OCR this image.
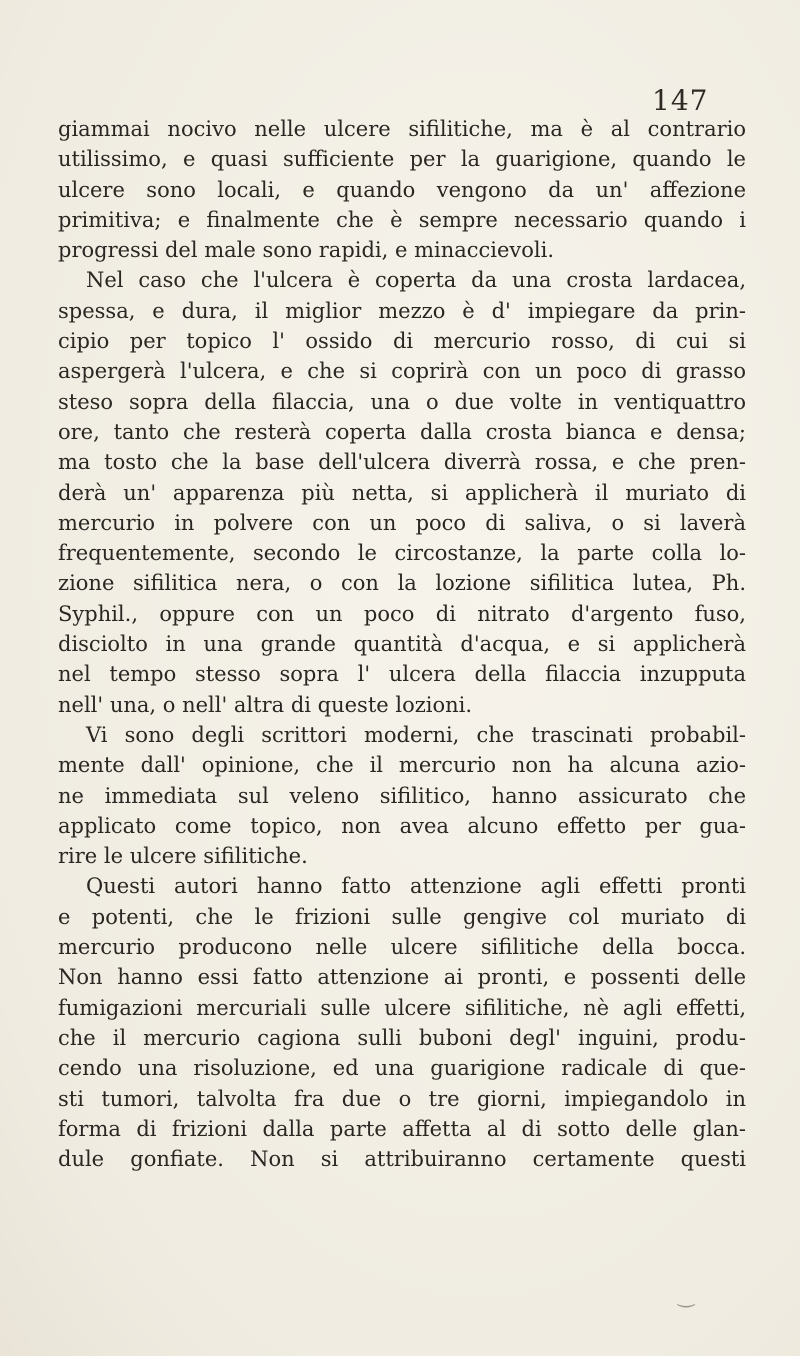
147
giammai nocivo nelle ulcere sifilitiche, ma è al contrario
utilissimo, e quasi sufficiente per la guarigione, quando le
ulcere sono locali, e quando vengono da un' affezione
primitiva; e finalmente che è sempre necessario quando i
progressi del male sono rapidi, e minaccievoli.
Nel caso che l'ulcera è coperta da una crosta lardacea,
spessa, e dura, il miglior mezzo è d' impiegare da prin-
cipio per topico l' ossido di mercurio rosso, di cui si
aspergerà l'ulcera, e che si coprirà con un poco di grasso
steso sopra della filaccia, una o due volte in ventiquattro
ore, tanto che resterà coperta dalla crosta bianca e densa;
ma tosto che la base dell'ulcera diverrà rossa, e che pren-
derà un' apparenza più netta, si applicherà il muriato di
mercurio in polvere con un poco di saliva, o si laverà
frequentemente, secondo le circostanze, la parte colla lo-
zione sifilitica nera, o con la lozione sifilitica lutea, Ph.
Syphil., oppure con un poco di nitrato d'argento fuso,
disciolto in una grande quantità d'acqua, e si applicherà
nel tempo stesso sopra l' ulcera della filaccia inzupputa
nell' una, o nell' altra di queste lozioni.
Vi sono degli scrittori moderni, che trascinati probabil-
mente dall' opinione, che il mercurio non ha alcuna azio-
ne immediata sul veleno sifilitico, hanno assicurato che
applicato come topico, non avea alcuno effetto per gua-
rire le ulcere sifilitiche.
Questi autori hanno fatto attenzione agli effetti pronti
e potenti, che le frizioni sulle gengive col muriato di
mercurio producono nelle ulcere sifilitiche della bocca.
Non hanno essi fatto attenzione ai pronti, e possenti delle
fumigazioni mercuriali sulle ulcere sifilitiche, nè agli effetti,
che il mercurio cagiona sulli buboni degl' inguini, produ-
cendo una risoluzione, ed una guarigione radicale di que-
sti tumori, talvolta fra due o tre giorni, impiegandolo in
forma di frizioni dalla parte affetta al di sotto delle glan-
dule gonfiate. Non si attribuiranno certamente questi
‿
